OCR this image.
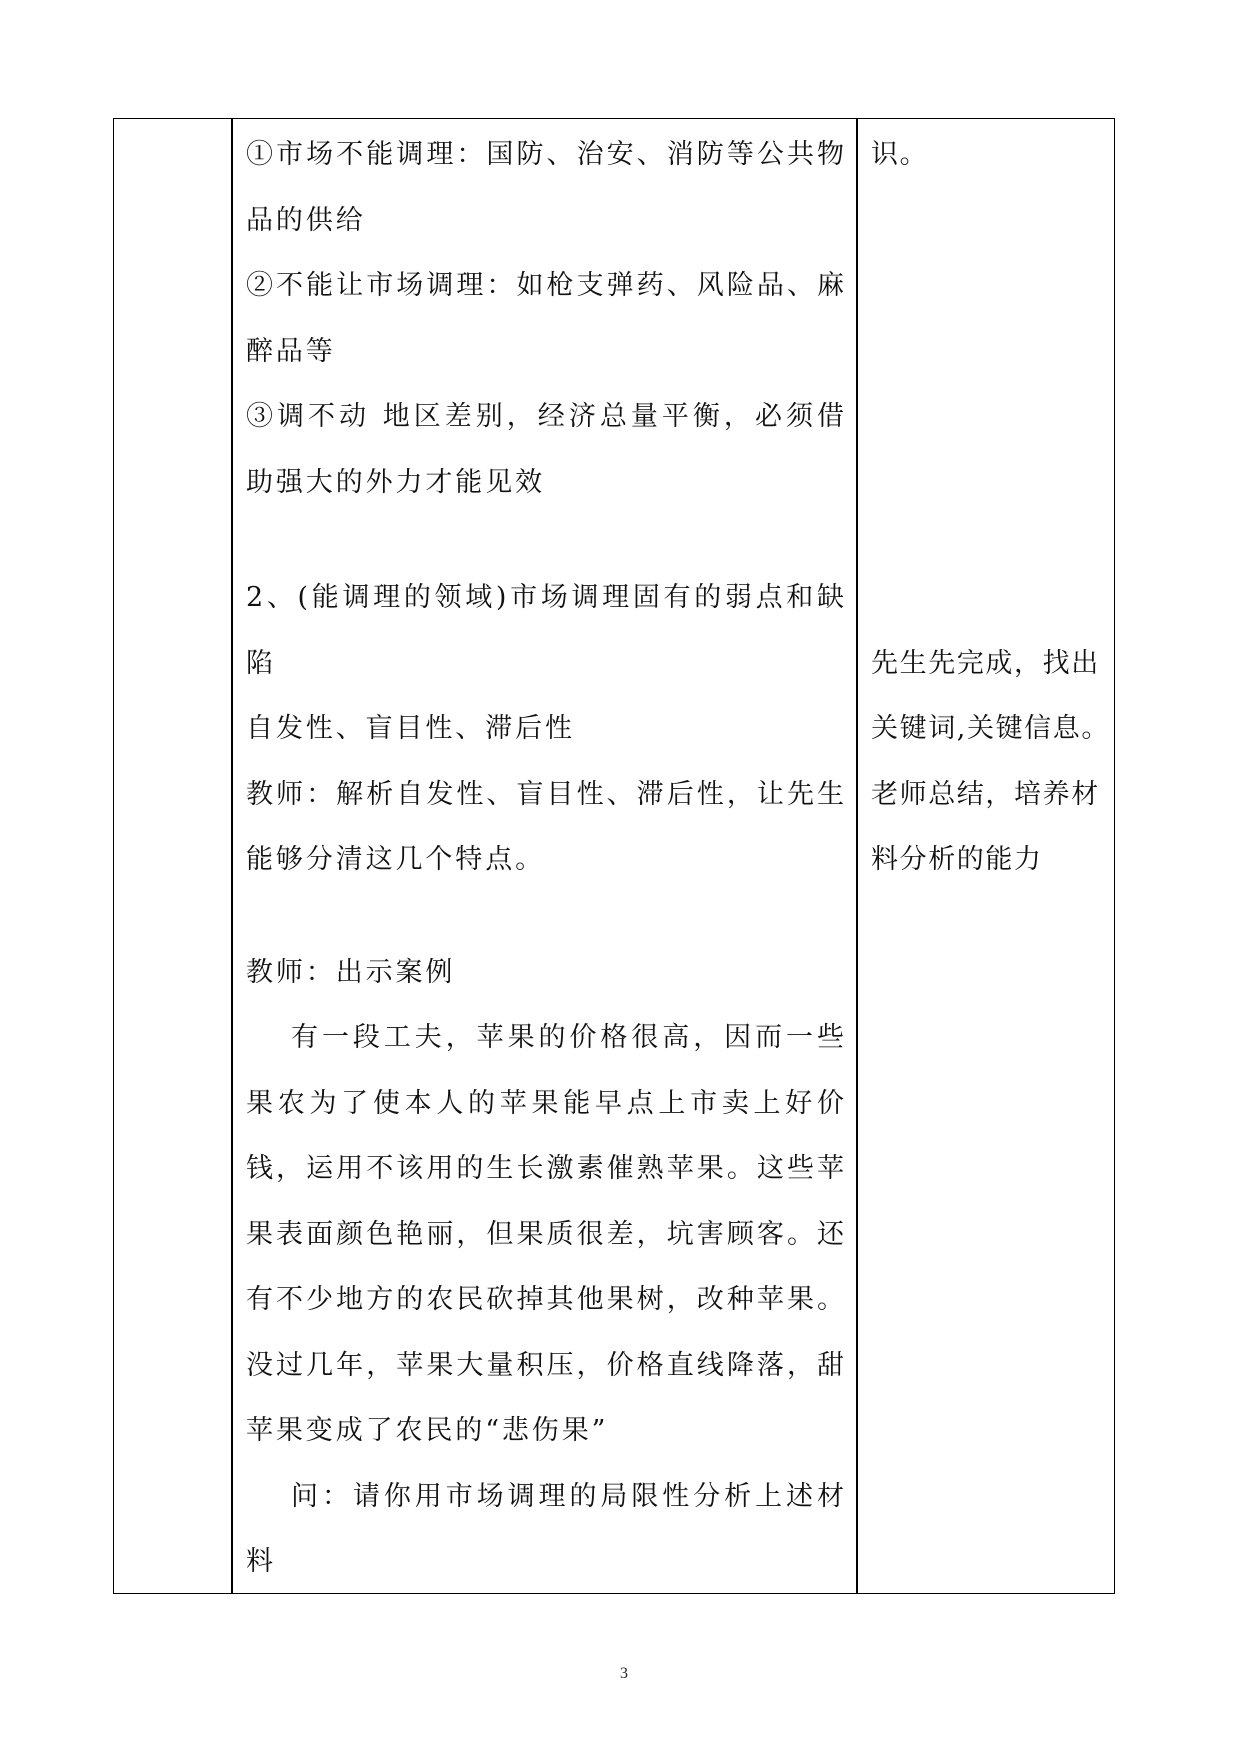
①市场不能调理：国防、治安、消防等公共物
品的供给
②不能让市场调理：如枪支弹药、风险品、麻
醉品等
③调不动 地区差别，经济总量平衡，必须借
助强大的外力才能见效
2、(能调理的领域)市场调理固有的弱点和缺
陷
自发性、盲目性、滞后性
教师：解析自发性、盲目性、滞后性，让先生
能够分清这几个特点。
教师：出示案例
有一段工夫，苹果的价格很高，因而一些
果农为了使本人的苹果能早点上市卖上好价
钱，运用不该用的生长激素催熟苹果。这些苹
果表面颜色艳丽，但果质很差，坑害顾客。还
有不少地方的农民砍掉其他果树，改种苹果。
没过几年，苹果大量积压，价格直线降落，甜
苹果变成了农民的“悲伤果”
问：请你用市场调理的局限性分析上述材
料
识。
先生先完成，找出
关键词,关键信息。
老师总结，培养材
料分析的能力
3
